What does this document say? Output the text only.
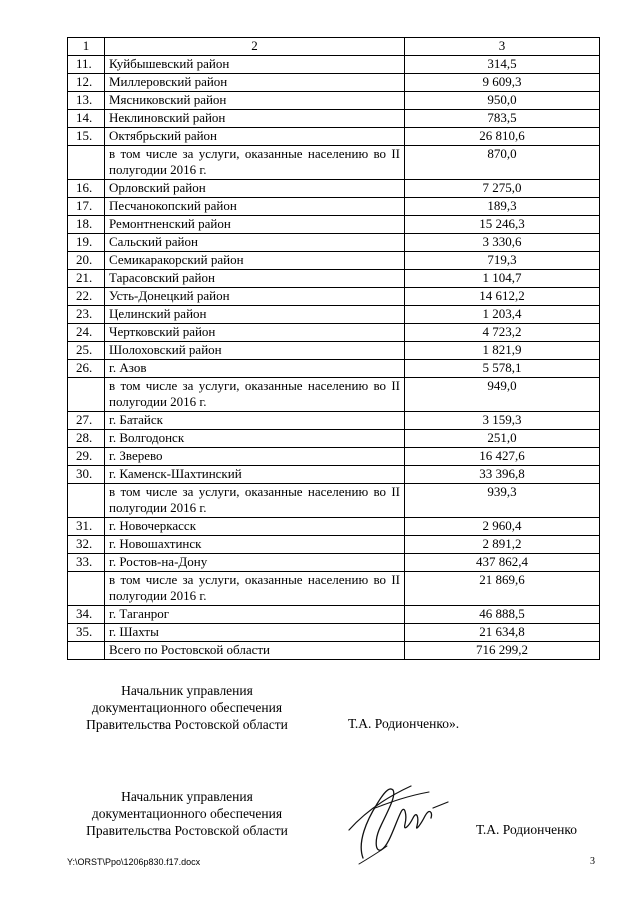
1	2	3
11.	Куйбышевский район	314,5
12.	Миллеровский район	9 609,3
13.	Мясниковский район	950,0
14.	Неклиновский район	783,5
15.	Октябрьский район	26 810,6
	в том числе за услуги, оказанные населению во II полугодии 2016 г.	870,0
16.	Орловский район	7 275,0
17.	Песчанокопский район	189,3
18.	Ремонтненский район	15 246,3
19.	Сальский район	3 330,6
20.	Семикаракорский район	719,3
21.	Тарасовский район	1 104,7
22.	Усть-Донецкий район	14 612,2
23.	Целинский район	1 203,4
24.	Чертковский район	4 723,2
25.	Шолоховский район	1 821,9
26.	г. Азов	5 578,1
	в том числе за услуги, оказанные населению во II полугодии 2016 г.	949,0
27.	г. Батайск	3 159,3
28.	г. Волгодонск	251,0
29.	г. Зверево	16 427,6
30.	г. Каменск-Шахтинский	33 396,8
	в том числе за услуги, оказанные населению во II полугодии 2016 г.	939,3
31.	г. Новочеркасск	2 960,4
32.	г. Новошахтинск	2 891,2
33.	г. Ростов-на-Дону	437 862,4
	в том числе за услуги, оказанные населению во II полугодии 2016 г.	21 869,6
34.	г. Таганрог	46 888,5
35.	г. Шахты	21 634,8
	Всего по Ростовской области	716 299,2
Начальник управления
документационного обеспечения
Правительства Ростовской области	Т.А. Родионченко».
Начальник управления
документационного обеспечения
Правительства Ростовской области	Т.А. Родионченко
Y:\ORST\Ppo\1206p830.f17.docx	3
